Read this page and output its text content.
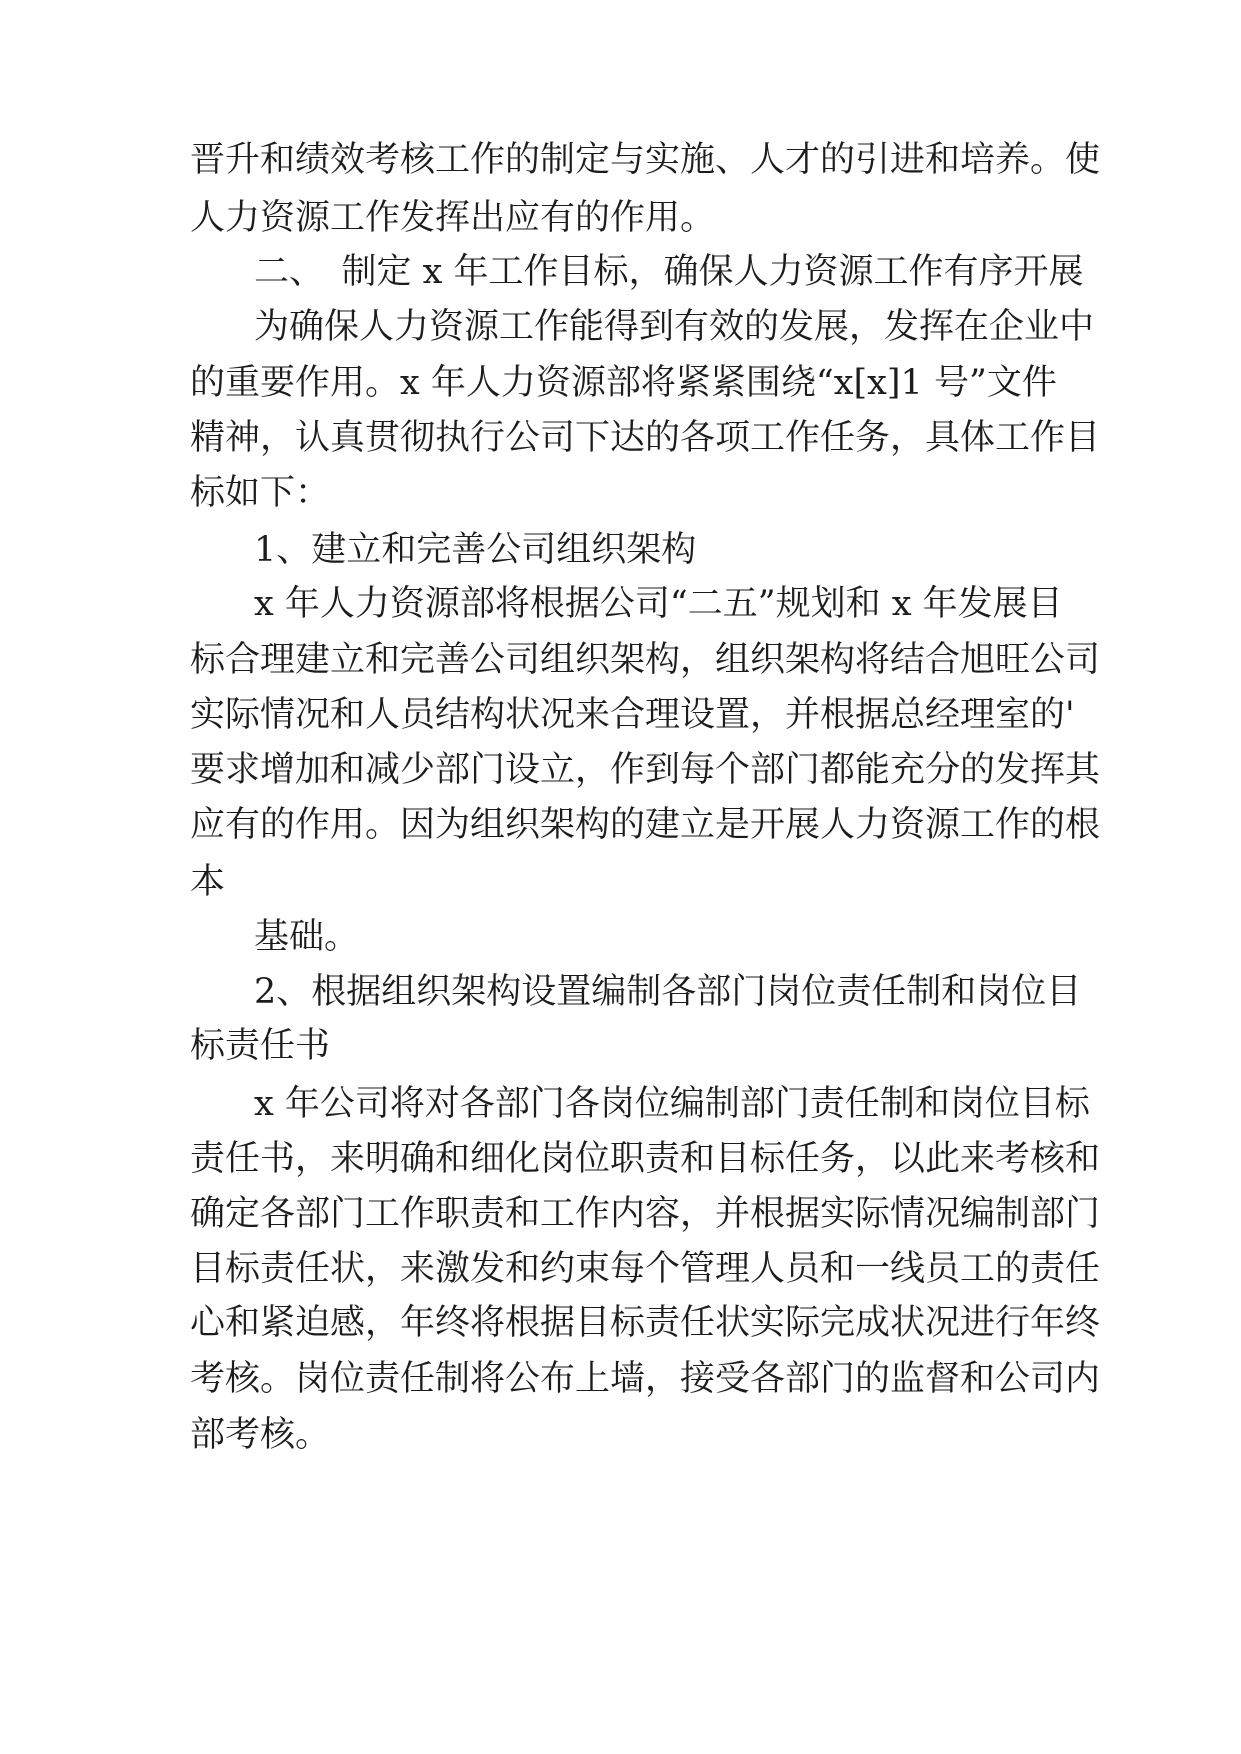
晋升和绩效考核工作的制定与实施、人才的引进和培养。使
人力资源工作发挥出应有的作用。
二、　制定 x 年工作目标，确保人力资源工作有序开展
为确保人力资源工作能得到有效的发展，发挥在企业中
的重要作用。x 年人力资源部将紧紧围绕“x[x]1 号”文件
精神，认真贯彻执行公司下达的各项工作任务，具体工作目
标如下：
1、建立和完善公司组织架构
x 年人力资源部将根据公司“二五”规划和 x 年发展目
标合理建立和完善公司组织架构，组织架构将结合旭旺公司
实际情况和人员结构状况来合理设置，并根据总经理室的'
要求增加和减少部门设立，作到每个部门都能充分的发挥其
应有的作用。因为组织架构的建立是开展人力资源工作的根
本
基础。
2、根据组织架构设置编制各部门岗位责任制和岗位目
标责任书
x 年公司将对各部门各岗位编制部门责任制和岗位目标
责任书，来明确和细化岗位职责和目标任务，以此来考核和
确定各部门工作职责和工作内容，并根据实际情况编制部门
目标责任状，来激发和约束每个管理人员和一线员工的责任
心和紧迫感，年终将根据目标责任状实际完成状况进行年终
考核。岗位责任制将公布上墙，接受各部门的监督和公司内
部考核。
